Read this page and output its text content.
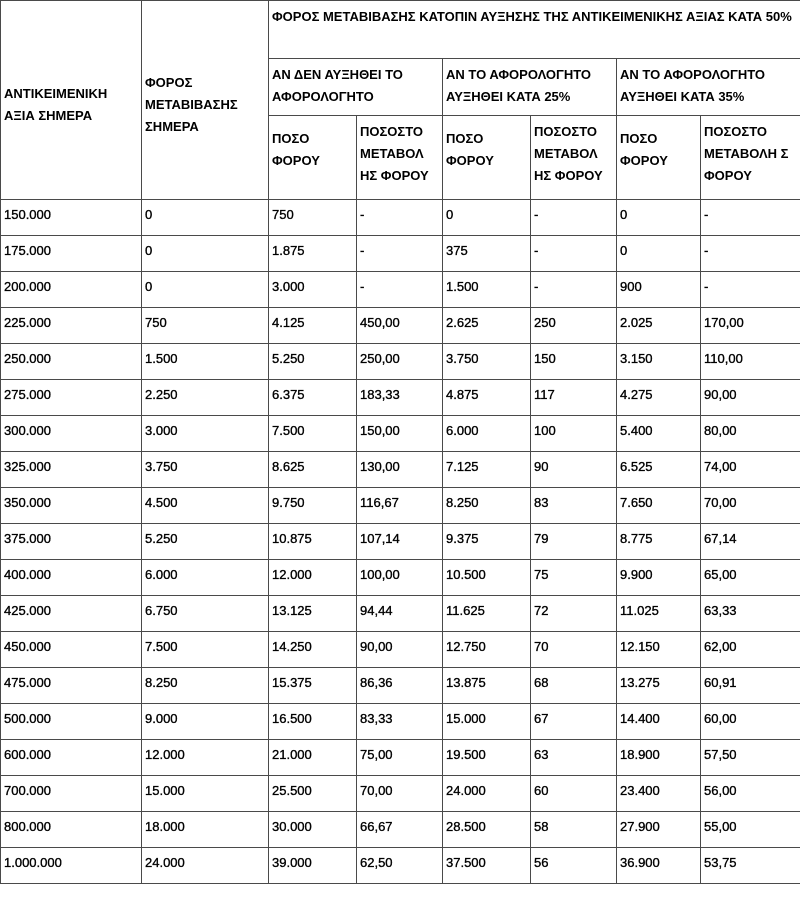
ΑΝΤΙΚΕΙΜΕΝΙΚΗ ΑΞΙΑ ΣΗΜΕΡΑ	ΦΟΡΟΣ ΜΕΤΑΒΙΒΑΣΗΣ ΣΗΜΕΡΑ	ΦΟΡΟΣ ΜΕΤΑΒΙΒΑΣΗΣ ΚΑΤΟΠΙΝ ΑΥΞΗΣΗΣ ΤΗΣ ΑΝΤΙΚΕΙΜΕΝΙΚΗΣ ΑΞΙΑΣ ΚΑΤΑ 50%					
		ΑΝ ΔΕΝ ΑΥΞΗΘΕΙ ΤΟ ΑΦΟΡΟΛΟΓΗΤΟ		ΑΝ ΤΟ ΑΦΟΡΟΛΟΓΗΤΟ ΑΥΞΗΘΕΙ ΚΑΤΑ 25%		ΑΝ ΤΟ ΑΦΟΡΟΛΟΓΗΤΟ ΑΥΞΗΘΕΙ ΚΑΤΑ 35%	
		ΠΟΣΟ ΦΟΡΟΥ	ΠΟΣΟΣΤΟ ΜΕΤΑΒΟΛ ΗΣ ΦΟΡΟΥ	ΠΟΣΟ ΦΟΡΟΥ	ΠΟΣΟΣΤΟ ΜΕΤΑΒΟΛ ΗΣ ΦΟΡΟΥ	ΠΟΣΟ ΦΟΡΟΥ	ΠΟΣΟΣΤΟ ΜΕΤΑΒΟΛΗ Σ ΦΟΡΟΥ
150.000	0	750	-	0	-	0	-
175.000	0	1.875	-	375	-	0	-
200.000	0	3.000	-	1.500	-	900	-
225.000	750	4.125	450,00	2.625	250	2.025	170,00
250.000	1.500	5.250	250,00	3.750	150	3.150	110,00
275.000	2.250	6.375	183,33	4.875	117	4.275	90,00
300.000	3.000	7.500	150,00	6.000	100	5.400	80,00
325.000	3.750	8.625	130,00	7.125	90	6.525	74,00
350.000	4.500	9.750	116,67	8.250	83	7.650	70,00
375.000	5.250	10.875	107,14	9.375	79	8.775	67,14
400.000	6.000	12.000	100,00	10.500	75	9.900	65,00
425.000	6.750	13.125	94,44	11.625	72	11.025	63,33
450.000	7.500	14.250	90,00	12.750	70	12.150	62,00
475.000	8.250	15.375	86,36	13.875	68	13.275	60,91
500.000	9.000	16.500	83,33	15.000	67	14.400	60,00
600.000	12.000	21.000	75,00	19.500	63	18.900	57,50
700.000	15.000	25.500	70,00	24.000	60	23.400	56,00
800.000	18.000	30.000	66,67	28.500	58	27.900	55,00
1.000.000	24.000	39.000	62,50	37.500	56	36.900	53,75
